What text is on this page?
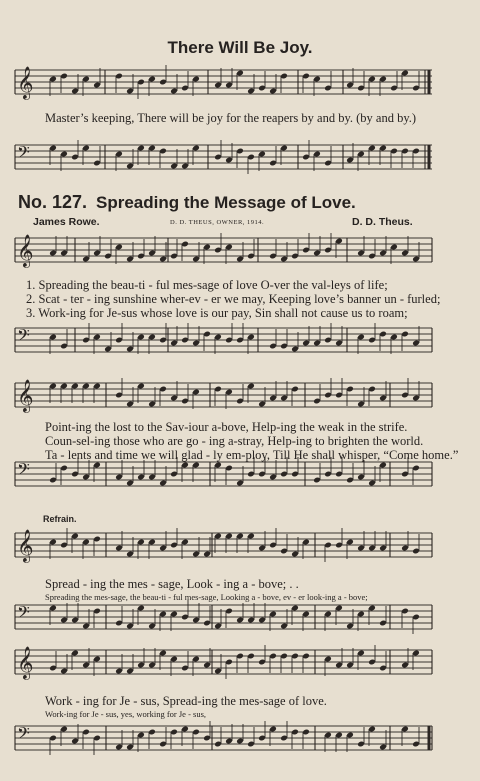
𝄞
𝄢
𝄞
𝄢
𝄞
𝄢
𝄞
𝄢
𝄞
𝄢
There Will Be Joy.
Master’s keeping, There will be joy for the reapers by and by. (by and by.)
No. 127. Spreading the Message of Love.
James Rowe.	D. D. THEUS, OWNER, 1914.	D. D. Theus.
1. Spreading the beau-ti - ful mes-sage of love O-ver the val-leys of life;
2. Scat - ter - ing sunshine wher-ev - er we may, Keeping love’s banner un - furled;
3. Work-ing for Je-sus whose love is our pay, Sin shall not cause us to roam;
Point-ing the lost to the Sav-iour a-bove, Help-ing the weak in the strife.
Coun-sel-ing those who are go - ing a-stray, Help-ing to brighten the world.
Ta - lents and time we will glad - ly em-ploy, Till He shall whisper, “Come home.”
Refrain.
Spread - ing the mes - sage, Look - ing a - bove; . .
Spreading the mes-sage, the beau-ti - ful mes-sage, Looking a - bove, ev - er look-ing a - bove;
Work - ing for Je - sus, Spread-ing the mes-sage of love.
Work-ing for Je - sus, yes, working for Je - sus,
